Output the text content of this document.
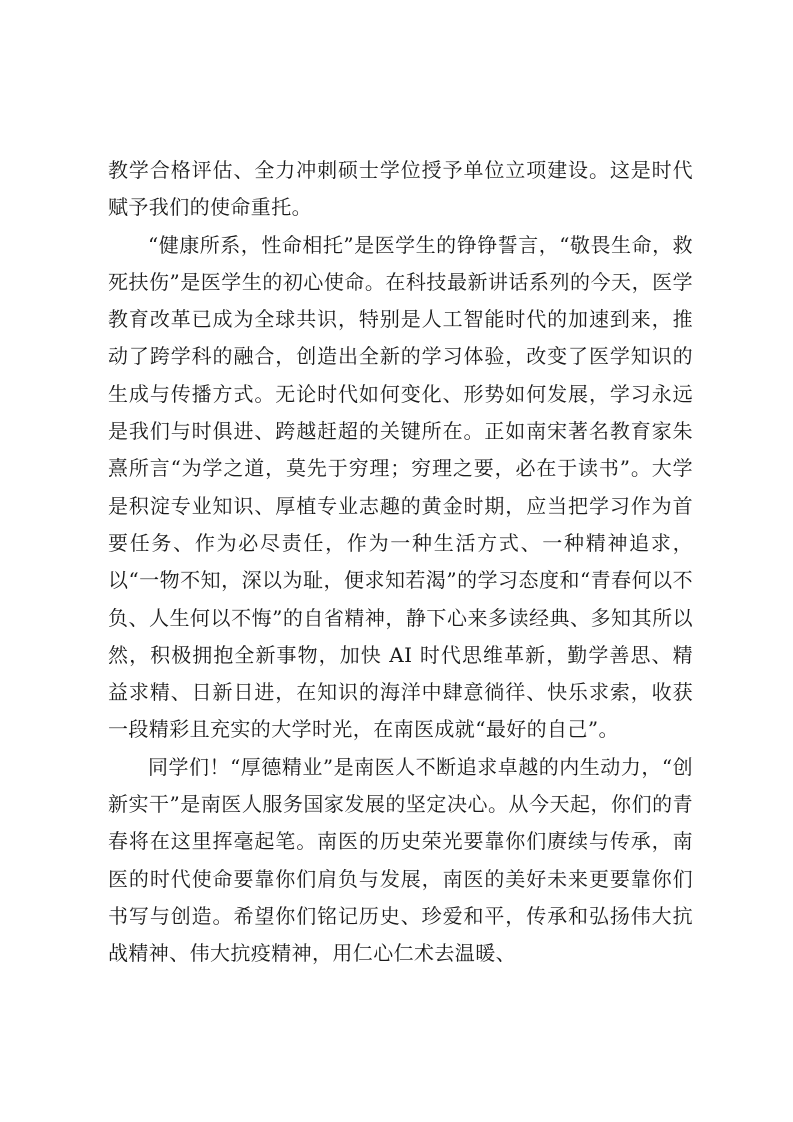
教学合格评估、全力冲刺硕士学位授予单位立项建设。这是时代赋予我们的使命重托。

“健康所系，性命相托”是医学生的铮铮誓言，“敬畏生命，救死扶伤”是医学生的初心使命。在科技最新讲话系列的今天，医学教育改革已成为全球共识，特别是人工智能时代的加速到来，推动了跨学科的融合，创造出全新的学习体验，改变了医学知识的生成与传播方式。无论时代如何变化、形势如何发展，学习永远是我们与时俱进、跨越赶超的关键所在。正如南宋著名教育家朱熹所言“为学之道，莫先于穷理；穷理之要，必在于读书”。大学是积淀专业知识、厚植专业志趣的黄金时期，应当把学习作为首要任务、作为必尽责任，作为一种生活方式、一种精神追求，以“一物不知，深以为耻，便求知若渴”的学习态度和“青春何以不负、人生何以不悔”的自省精神，静下心来多读经典、多知其所以然，积极拥抱全新事物，加快 AI 时代思维革新，勤学善思、精益求精、日新日进，在知识的海洋中肆意徜徉、快乐求索，收获一段精彩且充实的大学时光，在南医成就“最好的自己”。

同学们！“厚德精业”是南医人不断追求卓越的内生动力，“创新实干”是南医人服务国家发展的坚定决心。从今天起，你们的青春将在这里挥毫起笔。南医的历史荣光要靠你们赓续与传承，南医的时代使命要靠你们肩负与发展，南医的美好未来更要靠你们书写与创造。希望你们铭记历史、珍爱和平，传承和弘扬伟大抗战精神、伟大抗疫精神，用仁心仁术去温暖、
